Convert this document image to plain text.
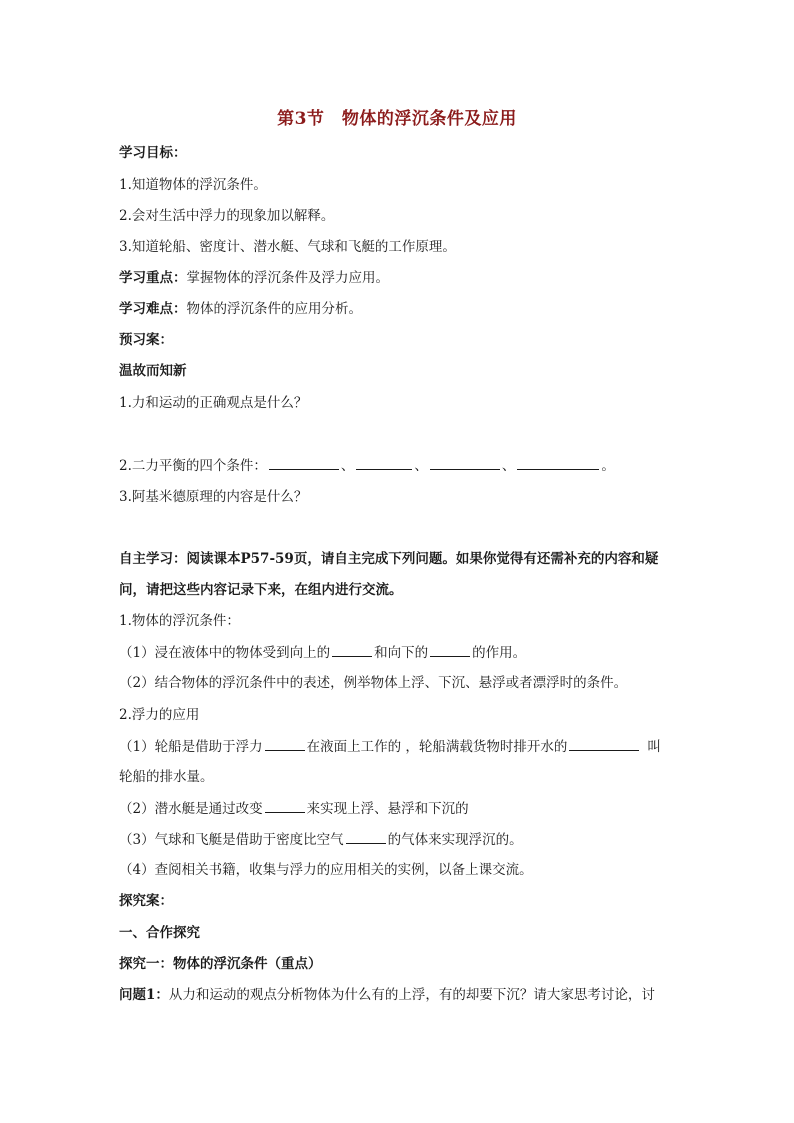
第3节　物体的浮沉条件及应用
学习目标：
1.知道物体的浮沉条件。
2.会对生活中浮力的现象加以解释。
3.知道轮船、密度计、潜水艇、气球和飞艇的工作原理。
学习重点：掌握物体的浮沉条件及浮力应用。
学习难点：物体的浮沉条件的应用分析。
预习案：
温故而知新
1.力和运动的正确观点是什么？
2.二力平衡的四个条件：	、	、	、	。
3.阿基米德原理的内容是什么？
自主学习：阅读课本P57-59页，请自主完成下列问题。如果你觉得有还需补充的内容和疑
问，请把这些内容记录下来，在组内进行交流。
1.物体的浮沉条件：
（1）浸在液体中的物体受到向上的	和向下的	的作用。
（2）结合物体的浮沉条件中的表述，例举物体上浮、下沉、悬浮或者漂浮时的条件。
2.浮力的应用
（1）轮船是借助于浮力	在液面上工作的 ，轮船满载货物时排开水的	叫
轮船的排水量。
（2）潜水艇是通过改变	来实现上浮、悬浮和下沉的
（3）气球和飞艇是借助于密度比空气	的气体来实现浮沉的。
（4）查阅相关书籍，收集与浮力的应用相关的实例，以备上课交流。
探究案：
一、合作探究
探究一：物体的浮沉条件（重点）
问题1：从力和运动的观点分析物体为什么有的上浮，有的却要下沉？请大家思考讨论，讨
